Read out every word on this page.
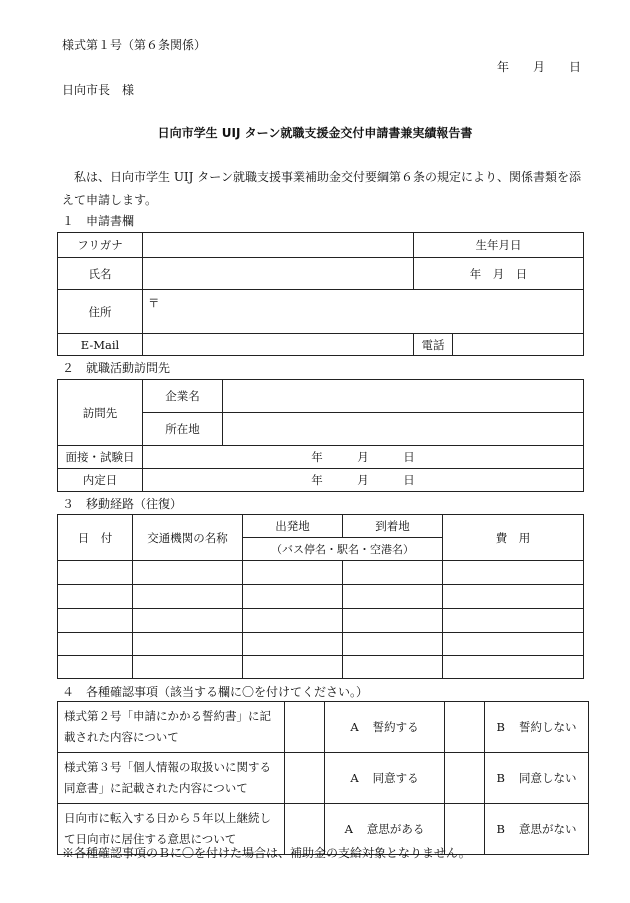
様式第１号（第６条関係）
年　　月　　日
日向市長　様
日向市学生 UIJ ターン就職支援金交付申請書兼実績報告書
私は、日向市学生 UIJ ターン就職支援事業補助金交付要綱第６条の規定により、関係書類を添えて申請します。
１　申請書欄
フリガナ		生年月日	
氏名		年　月　日	
住所	〒		
E-Mail		電話	
２　就職活動訪問先
訪問先	企業名	
	所在地	
面接・試験日	年　　　月　　　日	
内定日	年　　　月　　　日	
３　移動経路（往復）
日　付	交通機関の名称	出発地	到着地	費　用
		（バス停名・駅名・空港名）		

４　各種確認事項（該当する欄に〇を付けてください。）
様式第２号「申請にかかる誓約書」に記載された内容について		A 誓約する		B 誓約しない
様式第３号「個人情報の取扱いに関する同意書」に記載された内容について		A 同意する		B 同意しない
日向市に転入する日から５年以上継続して日向市に居住する意思について		A 意思がある		B 意思がない
※各種確認事項のＢに〇を付けた場合は、補助金の支給対象となりません。
